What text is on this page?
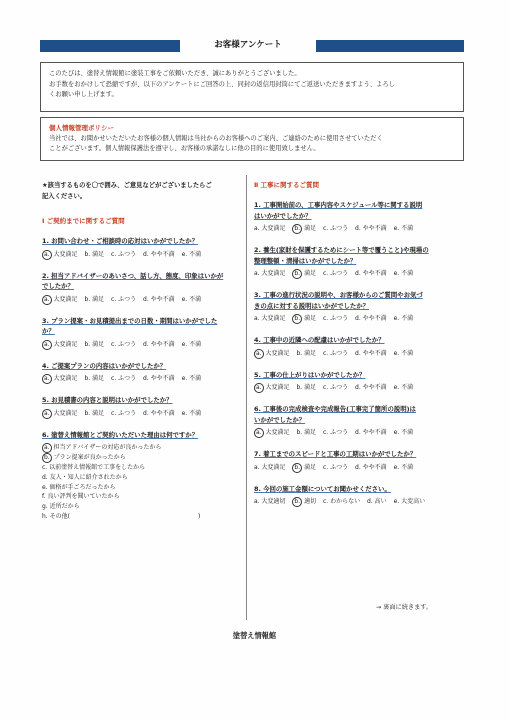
お客様アンケート
このたびは、塗替え情報館に塗装工事をご依頼いただき、誠にありがとうございました。
お手数をおかけして恐縮ですが、以下のアンケートにご回答の上、同封の返信用封筒にてご返送いただきますよう、よろし
くお願い申し上げます。
個人情報管理ポリシー
当社では、お聞かせいただいたお客様の個人情報は当社からのお客様へのご案内、ご連絡のために使用させていただく
ことがございます。個人情報保護法を遵守し、お客様の承諾なしに他の目的に使用致しません。
★該当するものを〇で囲み、ご意見などがございましたらご
記入ください。
Ⅰ ご契約までに関するご質問
1. お問い合わせ・ご相談時の応対はいかがでしたか？
a. 大変満足 b. 満足 c. ふつう d. やや不満 e. 不満
2. 担当アドバイザーのあいさつ、話し方、態度、印象はいかが
でしたか？
a. 大変満足 b. 満足 c. ふつう d. やや不満 e. 不満
3. プラン提案・お見積提出までの日数・期間はいかがでした
か？
a. 大変満足 b. 満足 c. ふつう d. やや不満 e. 不満
4. ご提案プランの内容はいかがでしたか？
a. 大変満足 b. 満足 c. ふつう d. やや不満 e. 不満
5. お見積書の内容と説明はいかがでしたか？
a. 大変満足 b. 満足 c. ふつう d. やや不満 e. 不満
6. 塗替え情報館とご契約いただいた理由は何ですか？
a. 担当アドバイザーの対応が良かったから
b. プラン提案が良かったから
c. 以前塗替え情報館で工事をしたから
d. 友人・知人に紹介されたから
e. 価格が手ごろだったから
f. 良い評判を聞いていたから
g. 近所だから
h. その他(	)
Ⅱ 工事に関するご質問
1. 工事開始前の、工事内容やスケジュール等に関する説明
はいかがでしたか？
a. 大変満足 b. 満足 c. ふつう d. やや不満 e. 不満
2. 養生(家財を保護するためにシート等で覆うこと)や現場の
整理整頓・清掃はいかがでしたか？
a. 大変満足 b. 満足 c. ふつう d. やや不満 e. 不満
3. 工事の進行状況の説明や、お客様からのご質問やお気づ
きの点に対する説明はいかがでしたか？
a. 大変満足 b. 満足 c. ふつう d. やや不満 e. 不満
4. 工事中の近隣への配慮はいかがでしたか？
a. 大変満足 b. 満足 c. ふつう d. やや不満 e. 不満
5. 工事の仕上がりはいかがでしたか？
a. 大変満足 b. 満足 c. ふつう d. やや不満 e. 不満
6. 工事後の完成検査や完成報告(工事完了箇所の説明)は
いかがでしたか？
a. 大変満足 b. 満足 c. ふつう d. やや不満 e. 不満
7. 着工までのスピードと工事の工期はいかがでしたか？
a. 大変満足 b. 満足 c. ふつう d. やや不満 e. 不満
8. 今回の施工金額についてお聞かせください。
a. 大変適切 b. 適切 c. わからない d. 高い e. 大変高い
→ 裏面に続きます。
塗替え情報館
